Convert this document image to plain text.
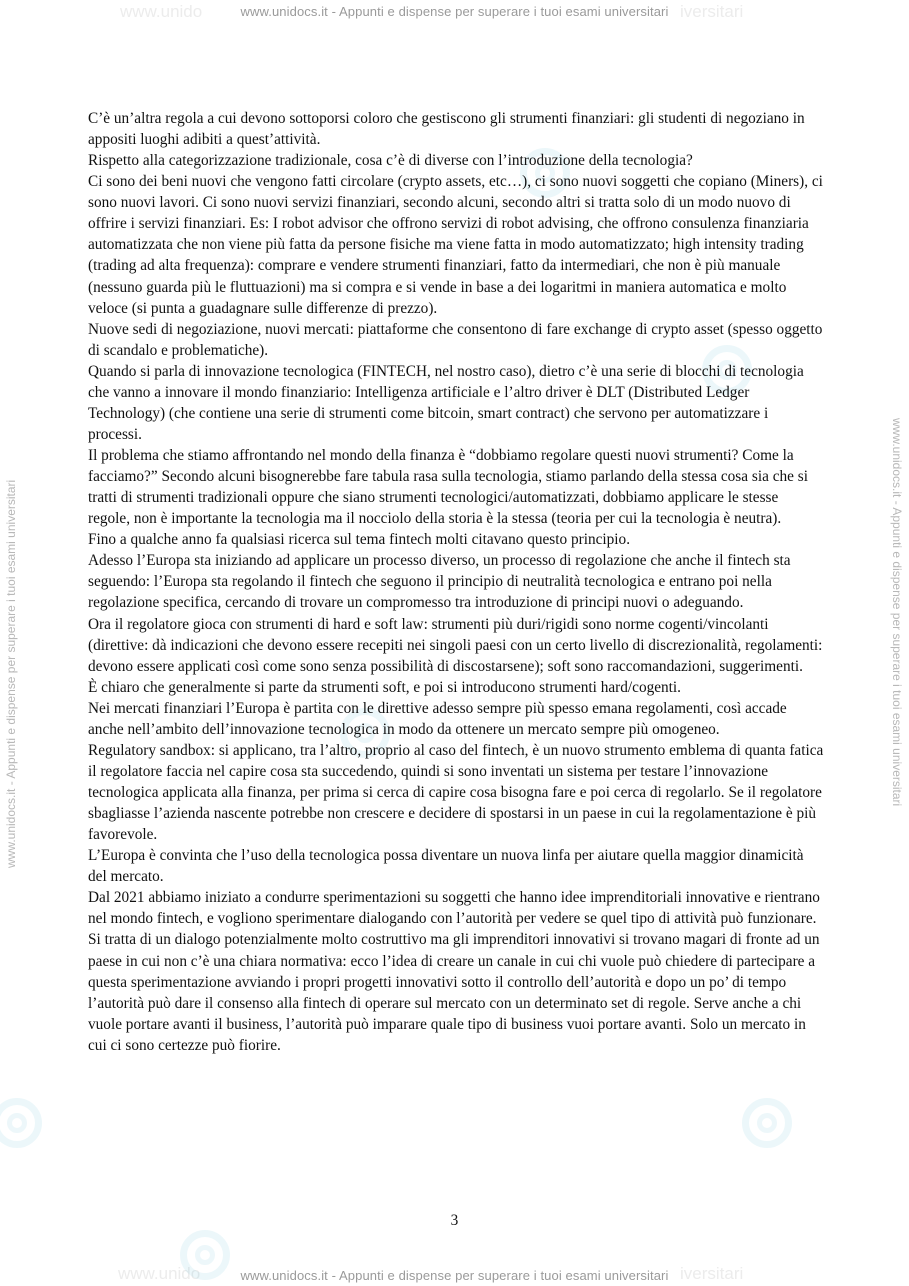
www.unido	iversitari
www.unido	iversitari
www.unidocs.it - Appunti e dispense per superare i tuoi esami universitari
www.unidocs.it - Appunti e dispense per superare i tuoi esami universitari	www.unidocs.it - Appunti e dispense per superare i tuoi esami universitari

C’è un’altra regola a cui devono sottoporsi coloro che gestiscono gli strumenti finanziari: gli studenti di negoziano in appositi luoghi adibiti a quest’attività.

Rispetto alla categorizzazione tradizionale, cosa c’è di diverse con l’introduzione della tecnologia?

Ci sono dei beni nuovi che vengono fatti circolare (crypto assets, etc…), ci sono nuovi soggetti che copiano (Miners), ci sono nuovi lavori. Ci sono nuovi servizi finanziari, secondo alcuni, secondo altri si tratta solo di un modo nuovo di offrire i servizi finanziari. Es: I robot advisor che offrono servizi di robot advising, che offrono consulenza finanziaria automatizzata che non viene più fatta da persone fisiche ma viene fatta in modo automatizzato; high intensity trading (trading ad alta frequenza): comprare e vendere strumenti finanziari, fatto da intermediari, che non è più manuale (nessuno guarda più le fluttuazioni) ma si compra e si vende in base a dei logaritmi in maniera automatica e molto veloce (si punta a guadagnare sulle differenze di prezzo).

Nuove sedi di negoziazione, nuovi mercati: piattaforme che consentono di fare exchange di crypto asset (spesso oggetto di scandalo e problematiche).

Quando si parla di innovazione tecnologica (FINTECH, nel nostro caso), dietro c’è una serie di blocchi di tecnologia che vanno a innovare il mondo finanziario: Intelligenza artificiale e l’altro driver è DLT (Distributed Ledger Technology) (che contiene una serie di strumenti come bitcoin, smart contract) che servono per automatizzare i processi.

Il problema che stiamo affrontando nel mondo della finanza è “dobbiamo regolare questi nuovi strumenti? Come la facciamo?” Secondo alcuni bisognerebbe fare tabula rasa sulla tecnologia, stiamo parlando della stessa cosa sia che si tratti di strumenti tradizionali oppure che siano strumenti tecnologici/automatizzati, dobbiamo applicare le stesse regole, non è importante la tecnologia ma il nocciolo della storia è la stessa (teoria per cui la tecnologia è neutra).

Fino a qualche anno fa qualsiasi ricerca sul tema fintech molti citavano questo principio.

Adesso l’Europa sta iniziando ad applicare un processo diverso, un processo di regolazione che anche il fintech sta seguendo: l’Europa sta regolando il fintech che seguono il principio di neutralità tecnologica e entrano poi nella regolazione specifica, cercando di trovare un compromesso tra introduzione di principi nuovi o adeguando.

Ora il regolatore gioca con strumenti di hard e soft law: strumenti più duri/rigidi sono norme cogenti/vincolanti (direttive: dà indicazioni che devono essere recepiti nei singoli paesi con un certo livello di discrezionalità, regolamenti: devono essere applicati così come sono senza possibilità di discostarsene); soft sono raccomandazioni, suggerimenti.

È chiaro che generalmente si parte da strumenti soft, e poi si introducono strumenti hard/cogenti.

Nei mercati finanziari l’Europa è partita con le direttive adesso sempre più spesso emana regolamenti, così accade anche nell’ambito dell’innovazione tecnologica in modo da ottenere un mercato sempre più omogeneo.

Regulatory sandbox: si applicano, tra l’altro, proprio al caso del fintech, è un nuovo strumento emblema di quanta fatica il regolatore faccia nel capire cosa sta succedendo, quindi si sono inventati un sistema per testare l’innovazione tecnologica applicata alla finanza, per prima si cerca di capire cosa bisogna fare e poi cerca di regolarlo. Se il regolatore sbagliasse l’azienda nascente potrebbe non crescere e decidere di spostarsi in un paese in cui la regolamentazione è più favorevole.

L’Europa è convinta che l’uso della tecnologica possa diventare un nuova linfa per aiutare quella maggior dinamicità del mercato.

Dal 2021 abbiamo iniziato a condurre sperimentazioni su soggetti che hanno idee imprenditoriali innovative e rientrano nel mondo fintech, e vogliono sperimentare dialogando con l’autorità per vedere se quel tipo di attività può funzionare. Si tratta di un dialogo potenzialmente molto costruttivo ma gli imprenditori innovativi si trovano magari di fronte ad un paese in cui non c’è una chiara normativa: ecco l’idea di creare un canale in cui chi vuole può chiedere di partecipare a questa sperimentazione avviando i propri progetti innovativi sotto il controllo dell’autorità e dopo un po’ di tempo l’autorità può dare il consenso alla fintech di operare sul mercato con un determinato set di regole. Serve anche a chi vuole portare avanti il business, l’autorità può imparare quale tipo di business vuoi portare avanti. Solo un mercato in cui ci sono certezze può fiorire.

3
www.unidocs.it - Appunti e dispense per superare i tuoi esami universitari
